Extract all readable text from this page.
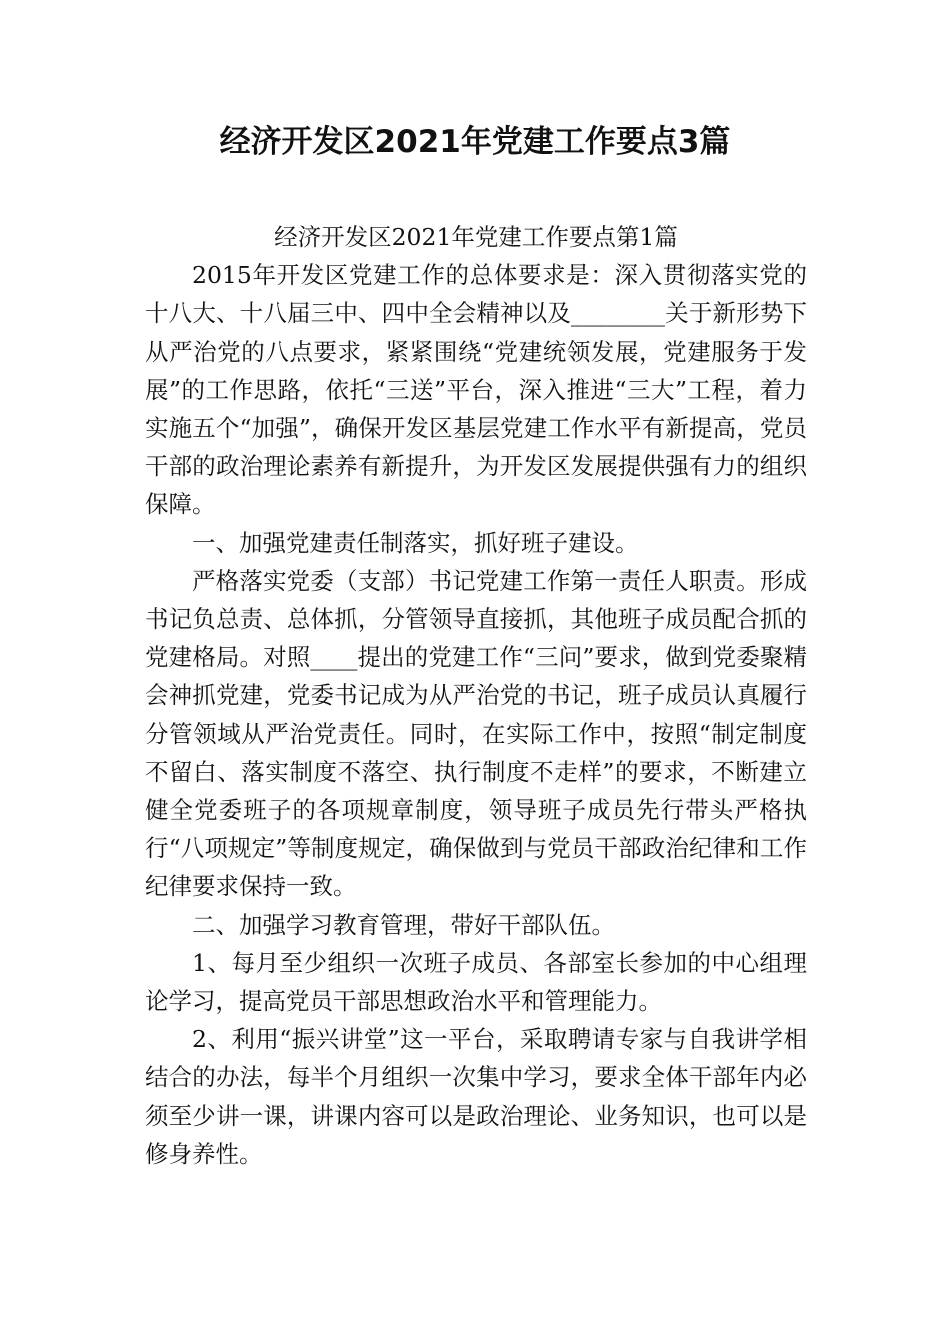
经济开发区2021年党建工作要点3篇

经济开发区2021年党建工作要点第1篇

2015年开发区党建工作的总体要求是：深入贯彻落实党的十八大、十八届三中、四中全会精神以及________关于新形势下从严治党的八点要求，紧紧围绕“党建统领发展，党建服务于发展”的工作思路，依托“三送”平台，深入推进“三大”工程，着力实施五个“加强”，确保开发区基层党建工作水平有新提高，党员干部的政治理论素养有新提升，为开发区发展提供强有力的组织保障。

一、加强党建责任制落实，抓好班子建设。

严格落实党委（支部）书记党建工作第一责任人职责。形成书记负总责、总体抓，分管领导直接抓，其他班子成员配合抓的党建格局。对照____提出的党建工作“三问”要求，做到党委聚精会神抓党建，党委书记成为从严治党的书记，班子成员认真履行分管领域从严治党责任。同时，在实际工作中，按照“制定制度不留白、落实制度不落空、执行制度不走样”的要求，不断建立健全党委班子的各项规章制度，领导班子成员先行带头严格执行“八项规定”等制度规定，确保做到与党员干部政治纪律和工作纪律要求保持一致。

二、加强学习教育管理，带好干部队伍。

1、每月至少组织一次班子成员、各部室长参加的中心组理论学习，提高党员干部思想政治水平和管理能力。

2、利用“振兴讲堂”这一平台，采取聘请专家与自我讲学相结合的办法，每半个月组织一次集中学习，要求全体干部年内必须至少讲一课，讲课内容可以是政治理论、业务知识，也可以是修身养性。
